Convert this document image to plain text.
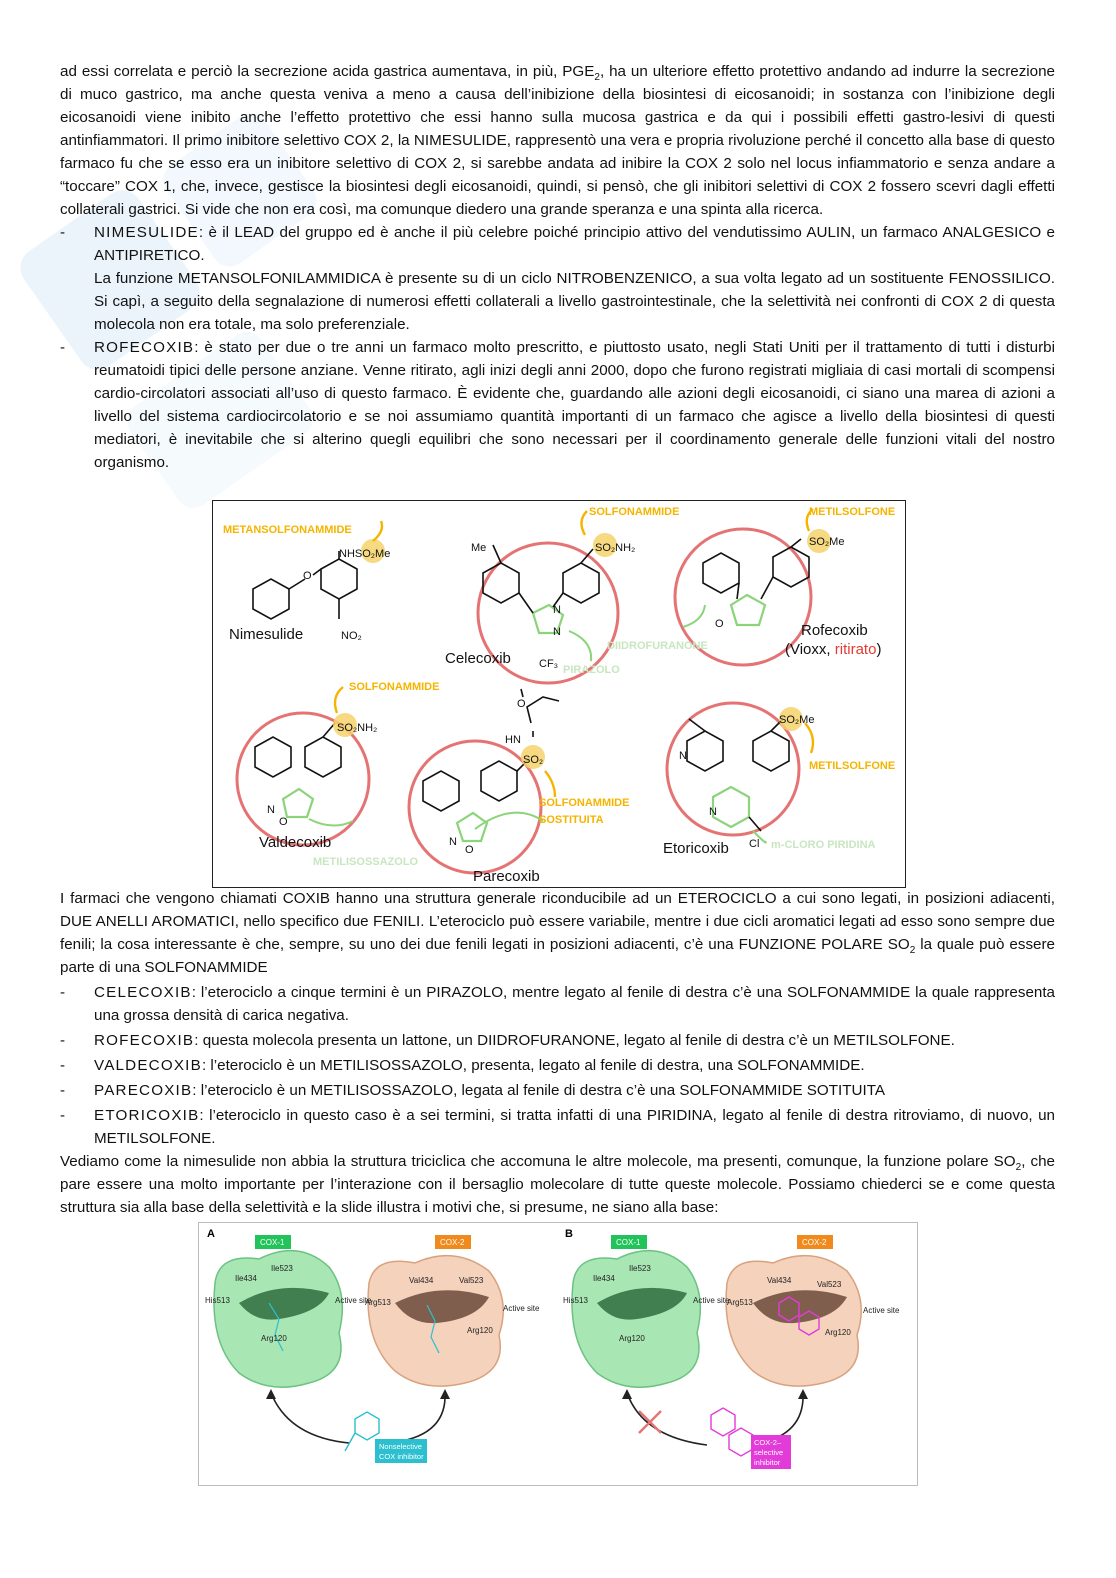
ad essi correlata e perciò la secrezione acida gastrica aumentava, in più, $PGE_2$, ha un ulteriore effetto protettivo andando ad indurre la secrezione di muco gastrico, ma anche questa veniva a meno a causa dell’inibizione della biosintesi di eicosanoidi; in sostanza con l’inibizione degli eicosanoidi viene inibito anche l’effetto protettivo che essi hanno sulla mucosa gastrica e da qui i possibili effetti gastro-lesivi di questi antinfiammatori. Il primo inibitore selettivo COX 2, la NIMESULIDE, rappresentò una vera e propria rivoluzione perché il concetto alla base di questo farmaco fu che se esso era un inibitore selettivo di COX 2, si sarebbe andata ad inibire la COX 2 solo nel locus infiammatorio e senza andare a “toccare” COX 1, che, invece, gestisce la biosintesi degli eicosanoidi, quindi, si pensò, che gli inibitori selettivi di COX 2 fossero scevri dagli effetti collaterali gastrici. Si vide che non era così, ma comunque diedero una grande speranza e una spinta alla ricerca.

- NIMESULIDE: è il LEAD del gruppo ed è anche il più celebre poiché principio attivo del vendutissimo AULIN, un farmaco ANALGESICO e ANTIPIRETICO.

La funzione METANSOLFONILAMMIDICA è presente su di un ciclo NITROBENZENICO, a sua volta legato ad un sostituente FENOSSILICO. Si capì, a seguito della segnalazione di numerosi effetti collaterali a livello gastrointestinale, che la selettività nei confronti di COX 2 di questa molecola non era totale, ma solo preferenziale.

- ROFECOXIB: è stato per due o tre anni un farmaco molto prescritto, e piuttosto usato, negli Stati Uniti per il trattamento di tutti i disturbi reumatoidi tipici delle persone anziane. Venne ritirato, agli inizi degli anni 2000, dopo che furono registrati migliaia di casi mortali di scompensi cardio-circolatori associati all’uso di questo farmaco. È evidente che, guardando alle azioni degli eicosanoidi, ci siano una marea di azioni a livello del sistema cardiocircolatorio e se noi assumiamo quantità importanti di un farmaco che agisce a livello della biosintesi di questi mediatori, è inevitabile che si alterino quegli equilibri che sono necessari per il coordinamento generale delle funzioni vitali del nostro organismo.

METANSOLFONAMMIDE
SOLFONAMMIDE	METILSOLFONE
SOLFONAMMIDE
SOLFONAMMIDE
SOSTITUITA
METILSOLFONE
PIRAZOLO
DIIDROFURANONE
METILISOSSAZOLO
m-CLORO PIRIDINA
NHSO₂Me
O
NO₂
Me	SO₂NH₂
N
N
CF₃
SO₂Me
O
SO₂NH₂
N
O
HN
SO₂
O
N
O
SO₂Me
N
N
Cl
Nimesulide
Celecoxib
Rofecoxib
(Vioxx, ritirato)
Valdecoxib
Parecoxib
Etoricoxib

I farmaci che vengono chiamati COXIB hanno una struttura generale riconducibile ad un ETEROCICLO a cui sono legati, in posizioni adiacenti, DUE ANELLI AROMATICI, nello specifico due FENILI. L’eterociclo può essere variabile, mentre i due cicli aromatici legati ad esso sono sempre due fenili; la cosa interessante è che, sempre, su uno dei due fenili legati in posizioni adiacenti, c’è una FUNZIONE POLARE $SO_2$ la quale può essere parte di una SOLFONAMMIDE

- CELECOXIB: l’eterociclo a cinque termini è un PIRAZOLO, mentre legato al fenile di destra c’è una SOLFONAMMIDE la quale rappresenta una grossa densità di carica negativa.

- ROFECOXIB: questa molecola presenta un lattone, un DIIDROFURANONE, legato al fenile di destra c’è un METILSOLFONE.

- VALDECOXIB: l’eterociclo è un METILISOSSAZOLO, presenta, legato al fenile di destra, una SOLFONAMMIDE.

- PARECOXIB: l’eterociclo è un METILISOSSAZOLO, legata al fenile di destra c’è una SOLFONAMMIDE SOTITUITA

- ETORICOXIB: l’eterociclo in questo caso è a sei termini, si tratta infatti di una PIRIDINA, legato al fenile di destra ritroviamo, di nuovo, un METILSOLFONE.

Vediamo come la nimesulide non abbia la struttura triciclica che accomuna le altre molecole, ma presenti, comunque, la funzione polare $SO_2$, che pare essere una molto importante per l’interazione con il bersaglio molecolare di tutte queste molecole. Possiamo chiederci se e come questa struttura sia alla base della selettività e la slide illustra i motivi che, si presume, ne siano alla base:

A	B
COX-1	COX-2	COX-1	COX-2
Ile434
Ile523
His513
Arg120
Active site
Val434	Val523
Arg513
Arg120
Active site
Ile434
Ile523
His513
Arg120
Active site
Val434	Val523
Arg513
Arg120
Active site
Nonselective
COX inhibitor
COX-2–
selective
inhibitor
